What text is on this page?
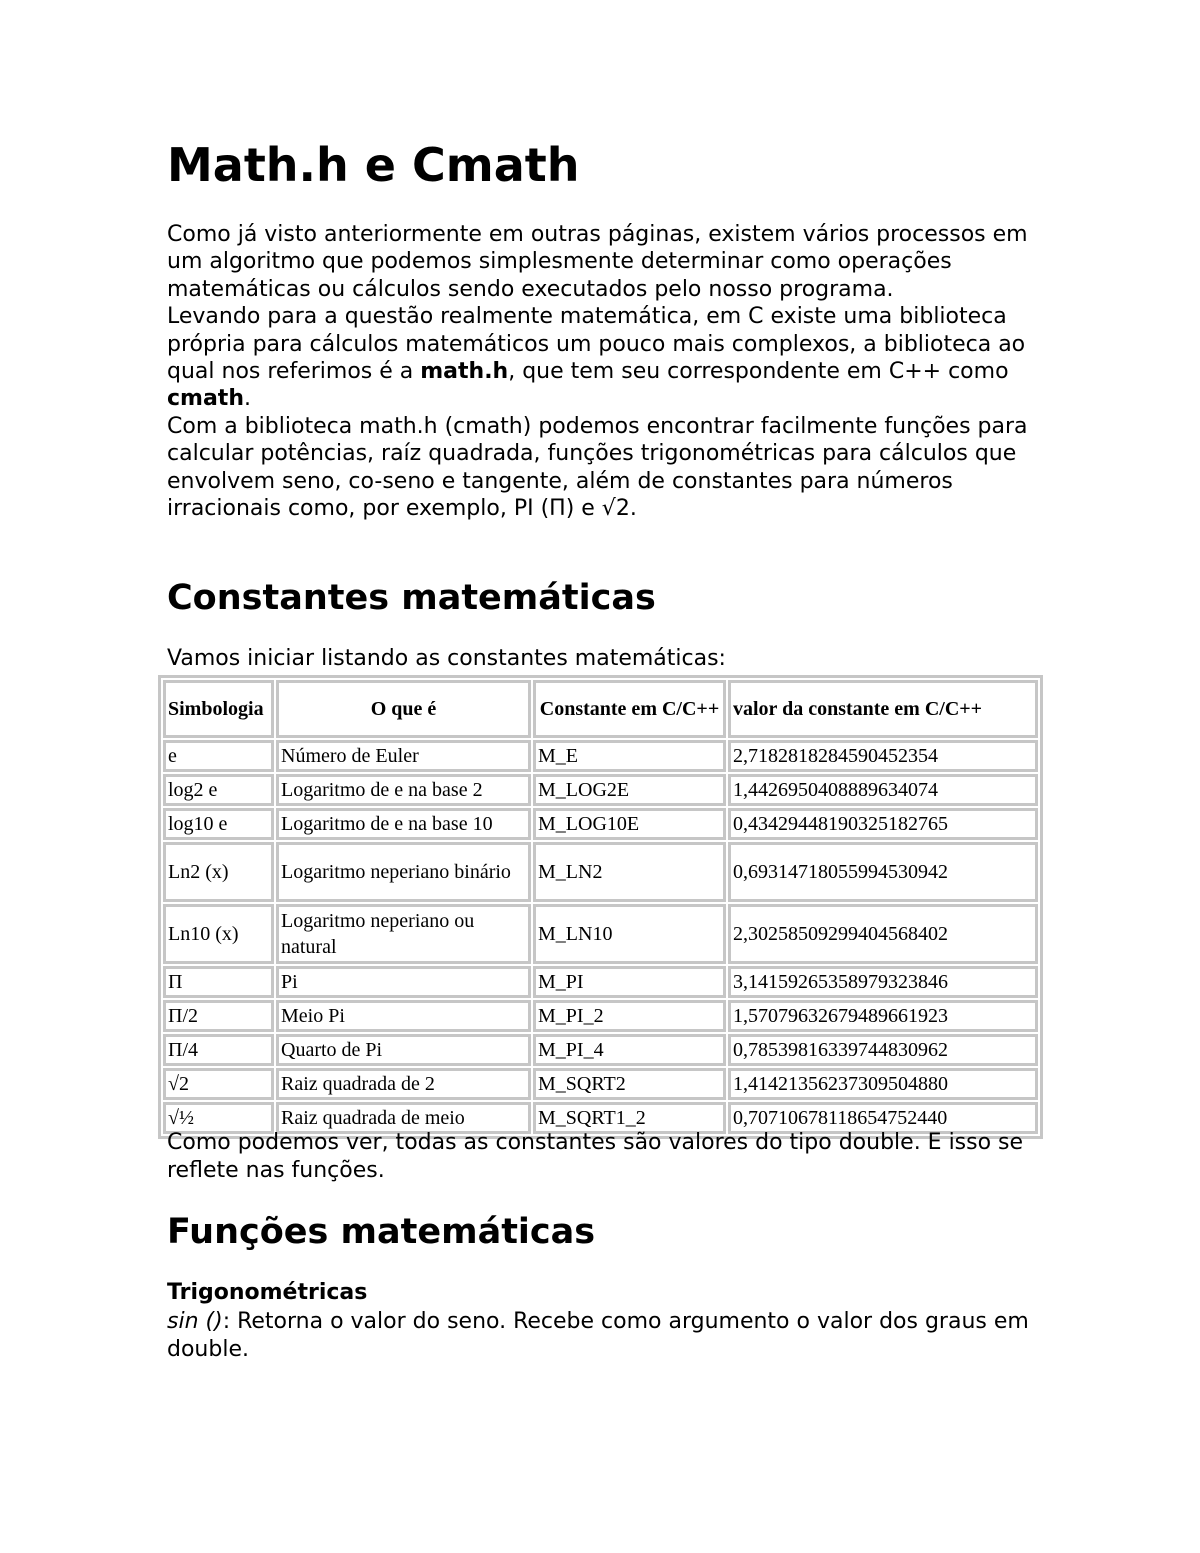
Math.h e Cmath

Como já visto anteriormente em outras páginas, existem vários processos em um algoritmo que podemos simplesmente determinar como operações matemáticas ou cálculos sendo executados pelo nosso programa.

Levando para a questão realmente matemática, em C existe uma biblioteca própria para cálculos matemáticos um pouco mais complexos, a biblioteca ao qual nos referimos é a math.h, que tem seu correspondente em C++ como cmath.

Com a biblioteca math.h (cmath) podemos encontrar facilmente funções para calcular potências, raíz quadrada, funções trigonométricas para cálculos que envolvem seno, co-seno e tangente, além de constantes para números irracionais como, por exemplo, PI (Π) e √2.

Constantes matemáticas
Vamos iniciar listando as constantes matemáticas:
Simbologia	O que é	Constante em C/C++	valor da constante em C/C++
e	Número de Euler	M_E	2,7182818284590452354
log2 e	Logaritmo de e na base 2	M_LOG2E	1,4426950408889634074
log10 e	Logaritmo de e na base 10	M_LOG10E	0,43429448190325182765
Ln2 (x)	Logaritmo neperiano binário	M_LN2	0,69314718055994530942
Ln10 (x)	Logaritmo neperiano ou natural	M_LN10	2,30258509299404568402
Π	Pi	M_PI	3,14159265358979323846
Π/2	Meio Pi	M_PI_2	1,57079632679489661923
Π/4	Quarto de Pi	M_PI_4	0,78539816339744830962
√2	Raiz quadrada de 2	M_SQRT2	1,41421356237309504880
√½	Raiz quadrada de meio	M_SQRT1_2	0,70710678118654752440
Como podemos ver, todas as constantes são valores do tipo double. E isso se reflete nas funções.
Funções matemáticas
Trigonométricas
sin (): Retorna o valor do seno. Recebe como argumento o valor dos graus em double.
